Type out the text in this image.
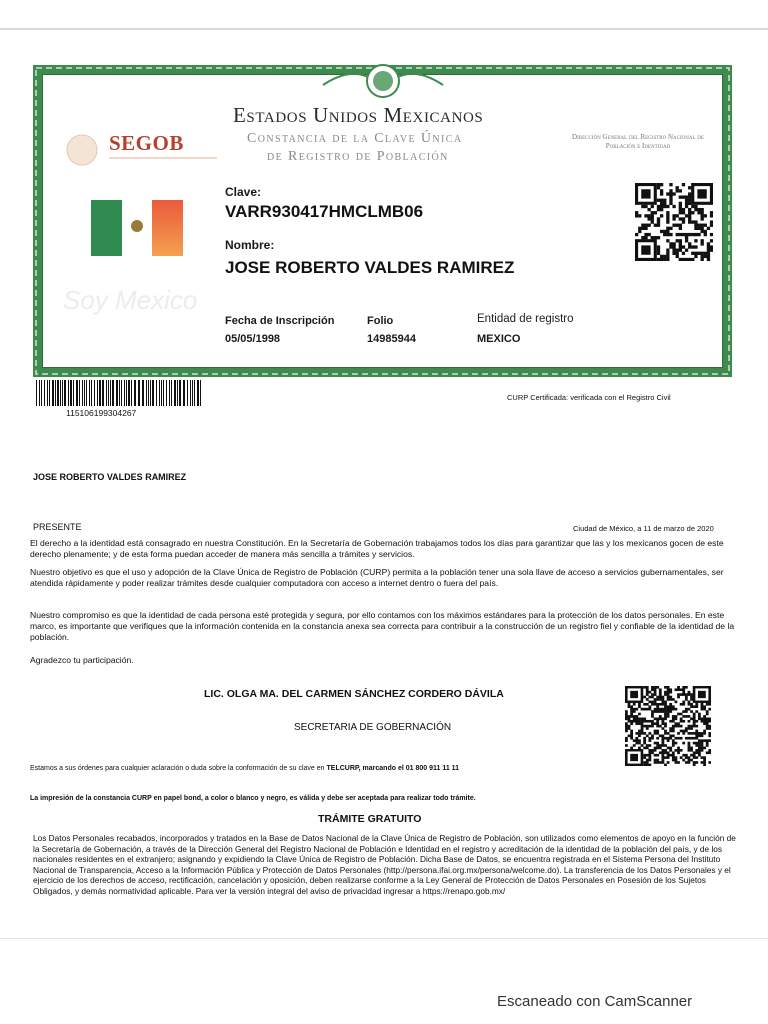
SEGOB
Estados Unidos Mexicanos
Constancia de la Clave Única
de Registro de Población
Dirección General del Registro Nacional de Población e Identidad
Soy Mexico
Clave:
VARR930417HMCLMB06
Nombre:
JOSE ROBERTO VALDES RAMIREZ
Fecha de Inscripción
05/05/1998
Folio
14985944
Entidad de registro
MEXICO
115106199304267
CURP Certificada: verificada con el Registro Civil
JOSE ROBERTO VALDES RAMIREZ
PRESENTE	Ciudad de México, a 11 de marzo de 2020
El derecho a la identidad está consagrado en nuestra Constitución. En la Secretaría de Gobernación trabajamos todos los días para garantizar que las y los mexicanos gocen de este derecho plenamente; y de esta forma puedan acceder de manera más sencilla a trámites y servicios.
Nuestro objetivo es que el uso y adopción de la Clave Única de Registro de Población (CURP) permita a la población tener una sola llave de acceso a servicios gubernamentales, ser atendida rápidamente y poder realizar trámites desde cualquier computadora con acceso a internet dentro o fuera del país.
Nuestro compromiso es que la identidad de cada persona esté protegida y segura, por ello contamos con los máximos estándares para la protección de los datos personales. En este marco, es importante que verifiques que la información contenida en la constancia anexa sea correcta para contribuir a la construcción de un registro fiel y confiable de la identidad de la población.
Agradezco tu participación.
LIC. OLGA MA. DEL CARMEN SÁNCHEZ CORDERO DÁVILA
SECRETARIA DE GOBERNACIÓN
Estamos a sus órdenes para cualquier aclaración o duda sobre la conformación de su clave en TELCURP, marcando el 01 800 911 11 11
La impresión de la constancia CURP en papel bond, a color o blanco y negro, es válida y debe ser aceptada para realizar todo trámite.
TRÁMITE GRATUITO
Los Datos Personales recabados, incorporados y tratados en la Base de Datos Nacional de la Clave Única de Registro de Población, son utilizados como elementos de apoyo en la función de la Secretaría de Gobernación, a través de la Dirección General del Registro Nacional de Población e Identidad en el registro y acreditación de la identidad de la población del país, y de los nacionales residentes en el extranjero; asignando y expidiendo la Clave Única de Registro de Población. Dicha Base de Datos, se encuentra registrada en el Sistema Persona del Instituto Nacional de Transparencia, Acceso a la Información Pública y Protección de Datos Personales (http://persona.ifai.org.mx/persona/welcome.do). La transferencia de los Datos Personales y el ejercicio de los derechos de acceso, rectificación, cancelación y oposición, deben realizarse conforme a la Ley General de Protección de Datos Personales en Posesión de los Sujetos Obligados, y demás normatividad aplicable. Para ver la versión integral del aviso de privacidad ingresar a https://renapo.gob.mx/
Escaneado con CamScanner
